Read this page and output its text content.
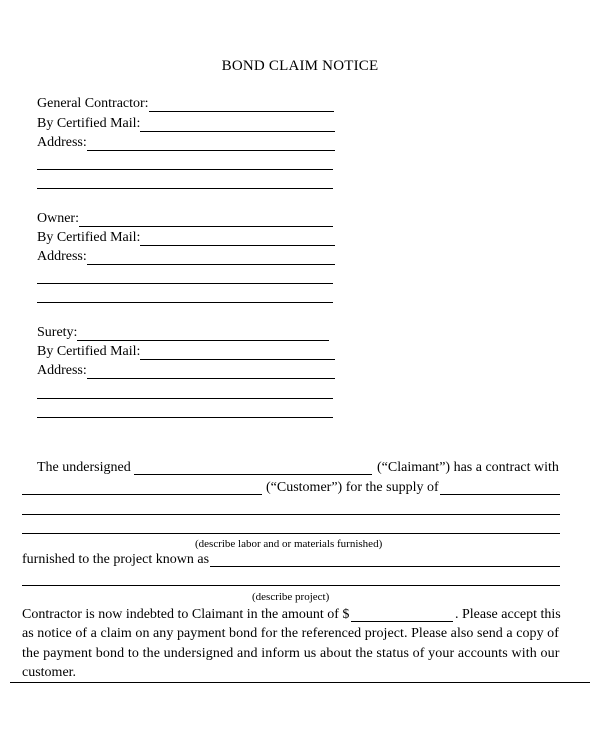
BOND CLAIM NOTICE
General Contractor:
By Certified Mail:
Address:
Owner:
By Certified Mail:
Address:
Surety:
By Certified Mail:
Address:
The undersigned	(“Claimant”) has a contract with
(“Customer”) for the supply of
(describe labor and or materials furnished)
furnished to the project known as
(describe project)
Contractor is now indebted to Claimant in the amount of $	. Please accept this
as notice of a claim on any payment bond for the referenced project. Please also send a copy of
the payment bond to the undersigned and inform us about the status of your accounts with our
customer.
